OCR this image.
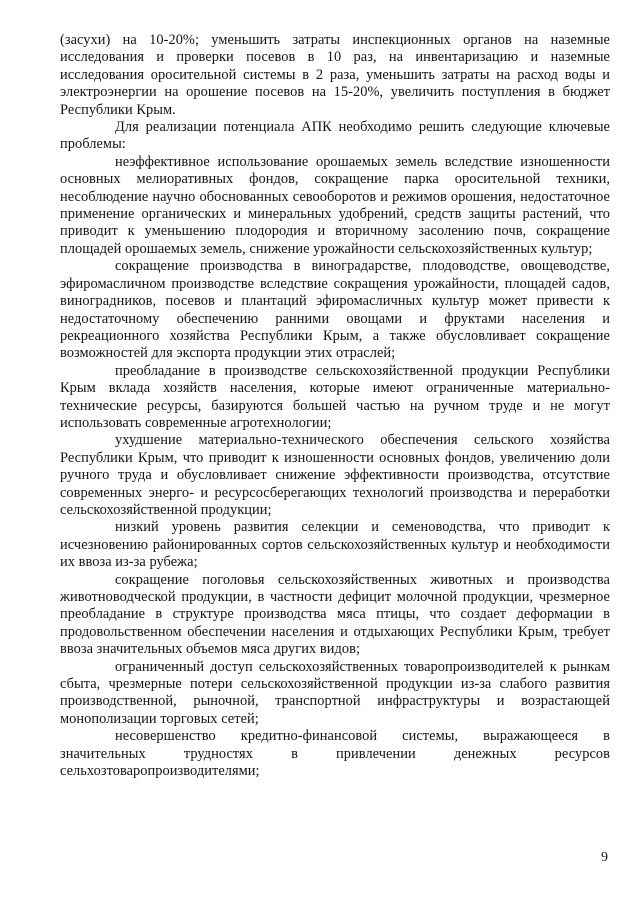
(засухи) на 10-20%; уменьшить затраты инспекционных органов на наземные исследования и проверки посевов в 10 раз, на инвентаризацию и наземные исследования оросительной системы в 2 раза, уменьшить затраты на расход воды и электроэнергии на орошение посевов на 15-20%, увеличить поступления в бюджет Республики Крым.

Для реализации потенциала АПК необходимо решить следующие ключевые проблемы:

неэффективное использование орошаемых земель вследствие изношенности основных мелиоративных фондов, сокращение парка оросительной техники, несоблюдение научно обоснованных севооборотов и режимов орошения, недостаточное применение органических и минеральных удобрений, средств защиты растений, что приводит к уменьшению плодородия и вторичному засолению почв, сокращение площадей орошаемых земель, снижение урожайности сельскохозяйственных культур;

сокращение производства в виноградарстве, плодоводстве, овощеводстве, эфиромасличном производстве вследствие сокращения урожайности, площадей садов, виноградников, посевов и плантаций эфиромасличных культур может привести к недостаточному обеспечению ранними овощами и фруктами населения и рекреационного хозяйства Республики Крым, а также обусловливает сокращение возможностей для экспорта продукции этих отраслей;

преобладание в производстве сельскохозяйственной продукции Республики Крым вклада хозяйств населения, которые имеют ограниченные материально-технические ресурсы, базируются большей частью на ручном труде и не могут использовать современные агротехнологии;

ухудшение материально-технического обеспечения сельского хозяйства Республики Крым, что приводит к изношенности основных фондов, увеличению доли ручного труда и обусловливает снижение эффективности производства, отсутствие современных энерго- и ресурсосберегающих технологий производства и переработки сельскохозяйственной продукции;

низкий уровень развития селекции и семеноводства, что приводит к исчезновению районированных сортов сельскохозяйственных культур и необходимости их ввоза из-за рубежа;

сокращение поголовья сельскохозяйственных животных и производства животноводческой продукции, в частности дефицит молочной продукции, чрезмерное преобладание в структуре производства мяса птицы, что создает деформации в продовольственном обеспечении населения и отдыхающих Республики Крым, требует ввоза значительных объемов мяса других видов;

ограниченный доступ сельскохозяйственных товаропроизводителей к рынкам сбыта, чрезмерные потери сельскохозяйственной продукции из-за слабого развития производственной, рыночной, транспортной инфраструктуры и возрастающей монополизации торговых сетей;

несовершенство кредитно-финансовой системы, выражающееся в значительных трудностях в привлечении денежных ресурсов сельхозтоваропроизводителями;

9
